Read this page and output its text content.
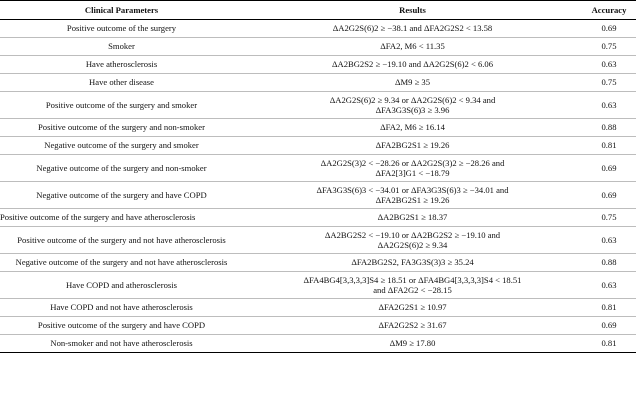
Clinical Parameters	Results	Accuracy
Positive outcome of the surgery	ΔA2G2S(6)2 ≥ −38.1 and ΔFA2G2S2 < 13.58	0.69
Smoker	ΔFA2, M6 < 11.35	0.75
Have atherosclerosis	ΔA2BG2S2 ≥ −19.10 and ΔA2G2S(6)2 < 6.06	0.63
Have other disease	ΔM9 ≥ 35	0.75
Positive outcome of the surgery and smoker	ΔA2G2S(6)2 ≥ 9.34 or ΔA2G2S(6)2 < 9.34 and
ΔFA3G3S(6)3 ≥ 3.96	0.63
Positive outcome of the surgery and non-smoker	ΔFA2, M6 ≥ 16.14	0.88
Negative outcome of the surgery and smoker	ΔFA2BG2S1 ≥ 19.26	0.81
Negative outcome of the surgery and non-smoker	ΔA2G2S(3)2 < −28.26 or ΔA2G2S(3)2 ≥ −28.26 and
ΔFA2[3]G1 < −18.79	0.69
Negative outcome of the surgery and have COPD	ΔFA3G3S(6)3 < −34.01 or ΔFA3G3S(6)3 ≥ −34.01 and
ΔFA2BG2S1 ≥ 19.26	0.69
Positive outcome of the surgery and have atherosclerosis	ΔA2BG2S1 ≥ 18.37	0.75
Positive outcome of the surgery and not have atherosclerosis	ΔA2BG2S2 < −19.10 or ΔA2BG2S2 ≥ −19.10 and
ΔA2G2S(6)2 ≥ 9.34	0.63
Negative outcome of the surgery and not have atherosclerosis	ΔFA2BG2S2, FA3G3S(3)3 ≥ 35.24	0.88
Have COPD and atherosclerosis	ΔFA4BG4[3,3,3,3]S4 ≥ 18.51 or ΔFA4BG4[3,3,3,3]S4 < 18.51
and ΔFA2G2 < −28.15	0.63
Have COPD and not have atherosclerosis	ΔFA2G2S1 ≥ 10.97	0.81
Positive outcome of the surgery and have COPD	ΔFA2G2S2 ≥ 31.67	0.69
Non-smoker and not have atherosclerosis	ΔM9 ≥ 17.80	0.81
